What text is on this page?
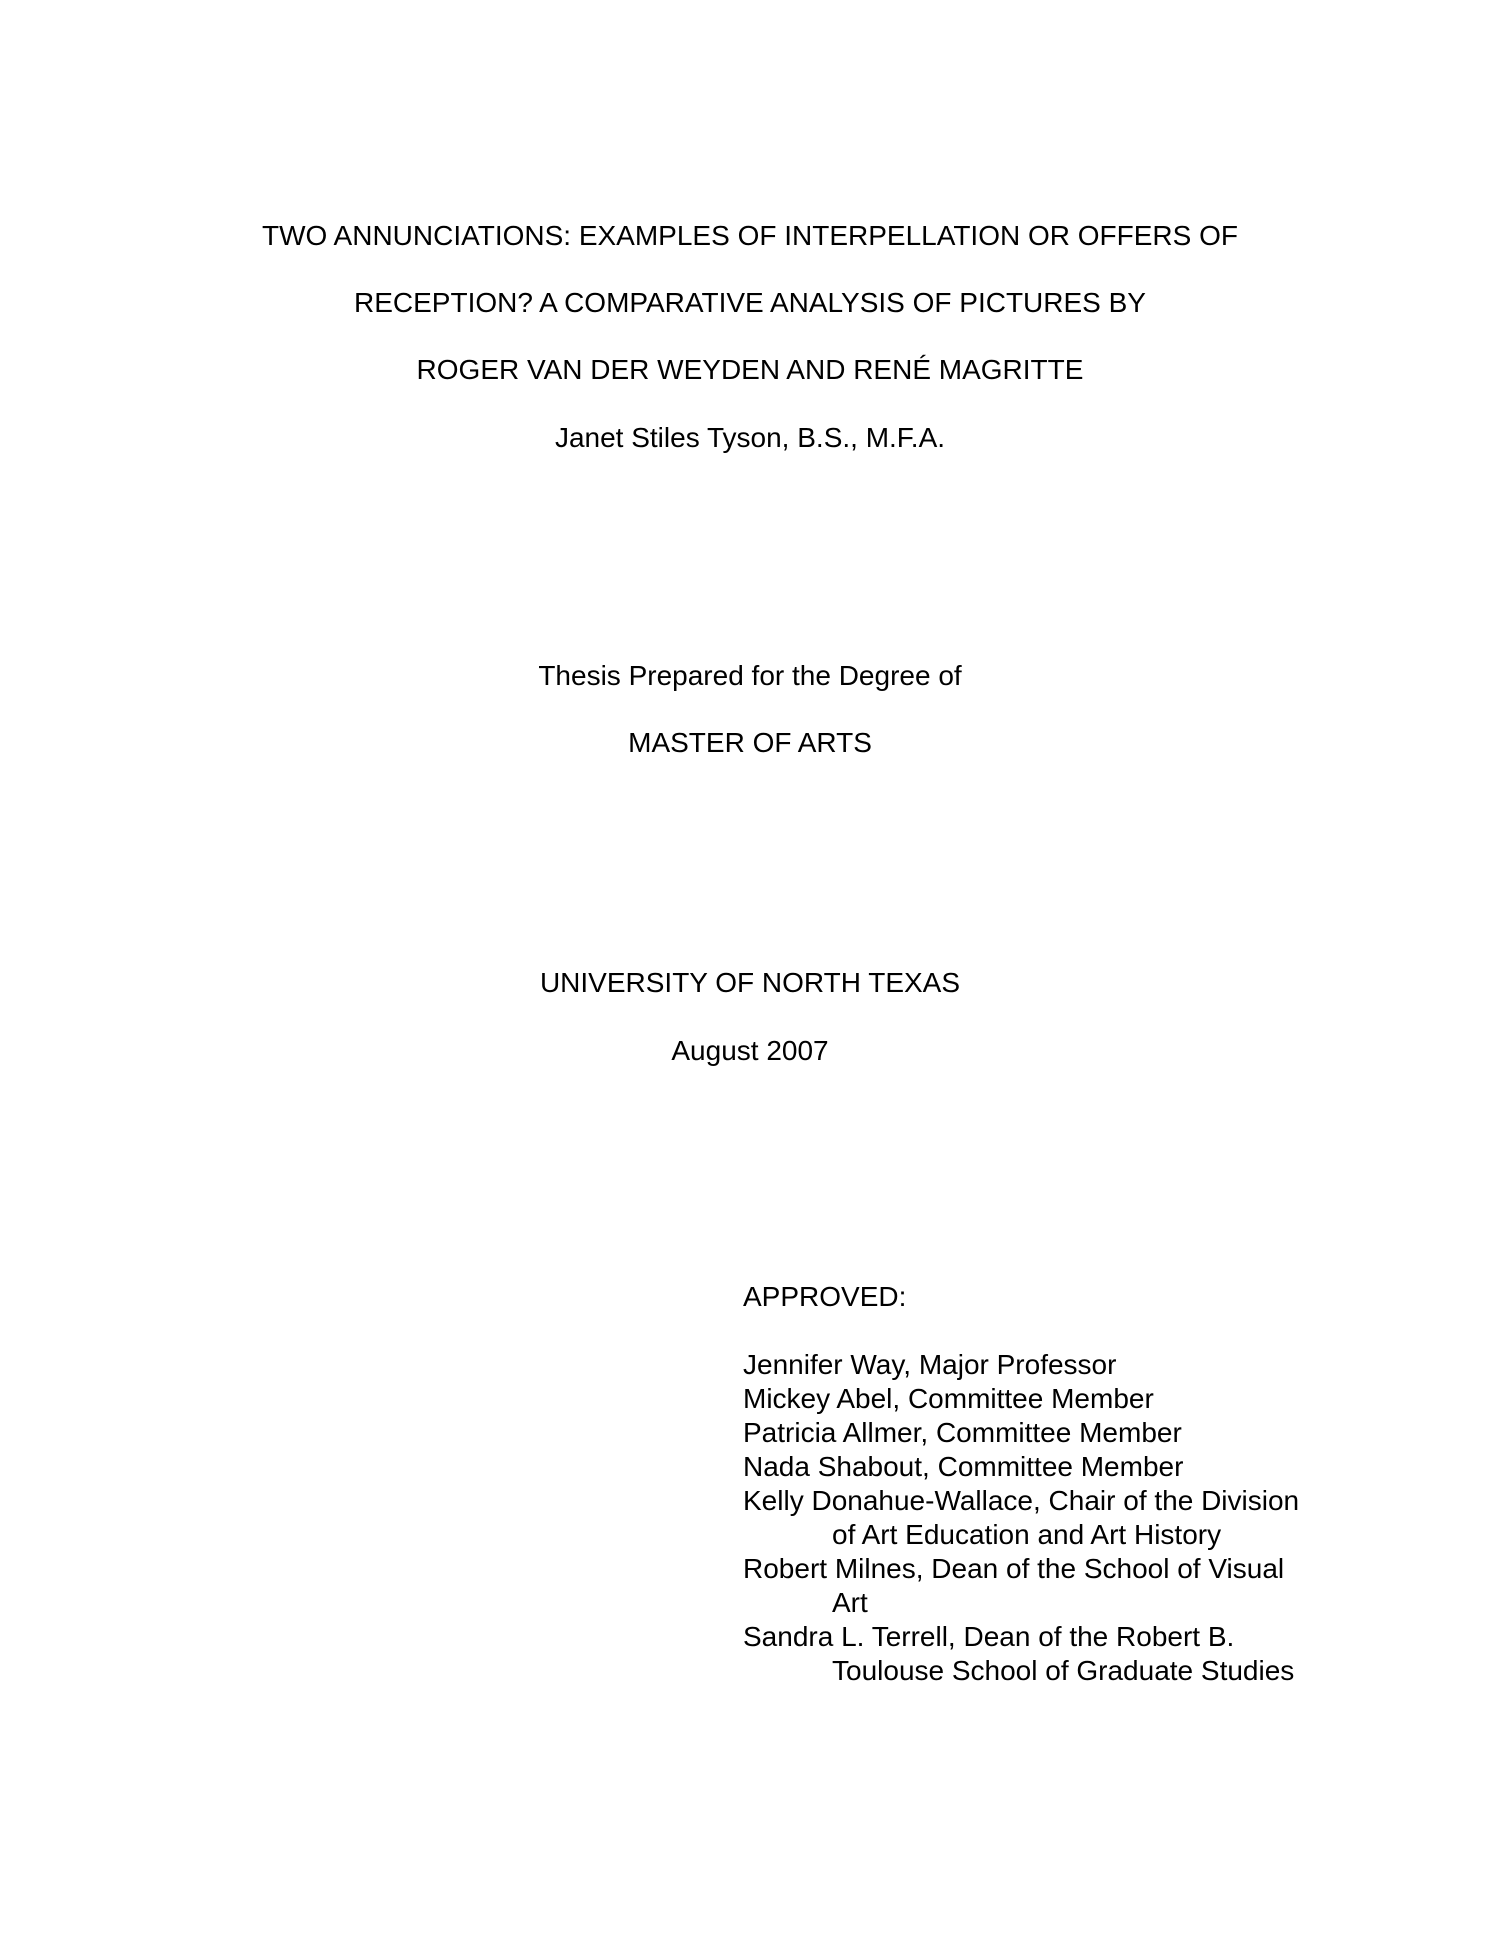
TWO ANNUNCIATIONS: EXAMPLES OF INTERPELLATION OR OFFERS OF
RECEPTION? A COMPARATIVE ANALYSIS OF PICTURES BY
ROGER VAN DER WEYDEN AND RENÉ MAGRITTE
Janet Stiles Tyson, B.S., M.F.A.
Thesis Prepared for the Degree of
MASTER OF ARTS
UNIVERSITY OF NORTH TEXAS
August 2007
APPROVED:
Jennifer Way, Major Professor
Mickey Abel, Committee Member
Patricia Allmer, Committee Member
Nada Shabout, Committee Member
Kelly Donahue-Wallace, Chair of the Division
of Art Education and Art History
Robert Milnes, Dean of the School of Visual
Art
Sandra L. Terrell, Dean of the Robert B.
Toulouse School of Graduate Studies
